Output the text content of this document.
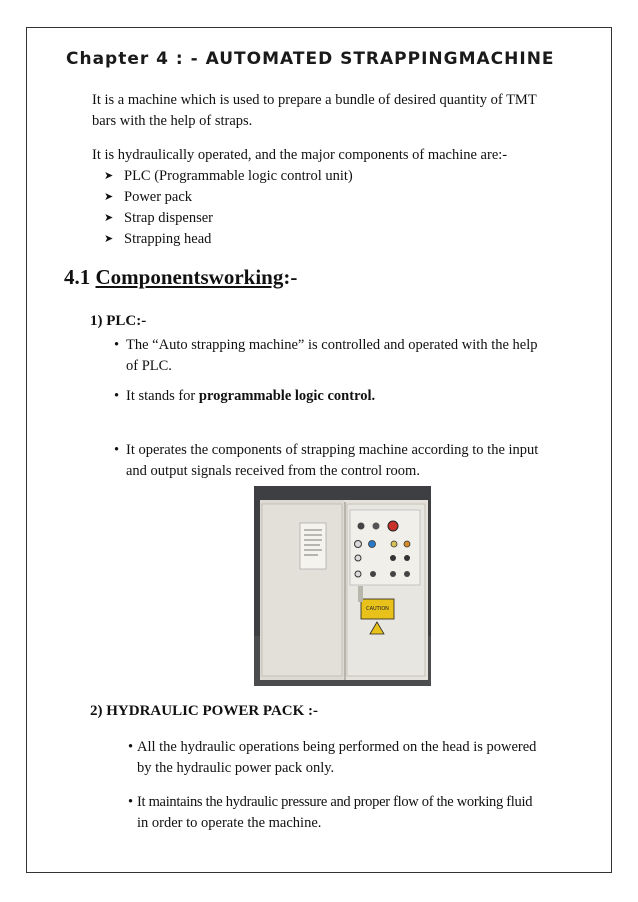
Chapter 4 : - AUTOMATED STRAPPINGMACHINE
It is a machine which is used to prepare a bundle of desired quantity of TMT
bars with the help of straps.
It is hydraulically operated, and the major components of machine are:-
➤ PLC (Programmable logic control unit)
➤ Power pack
➤ Strap dispenser
➤ Strapping head
4.1 Componentsworking:-
1) PLC:-
• The “Auto strapping machine” is controlled and operated with the help
of PLC.
• It stands for programmable logic control.
• It operates the components of strapping machine according to the input
and output signals received from the control room.
CAUTION
2) HYDRAULIC POWER PACK :-
• All the hydraulic operations being performed on the head is powered
by the hydraulic power pack only.
• It maintains the hydraulic pressure and proper flow of the working fluid
in order to operate the machine.
